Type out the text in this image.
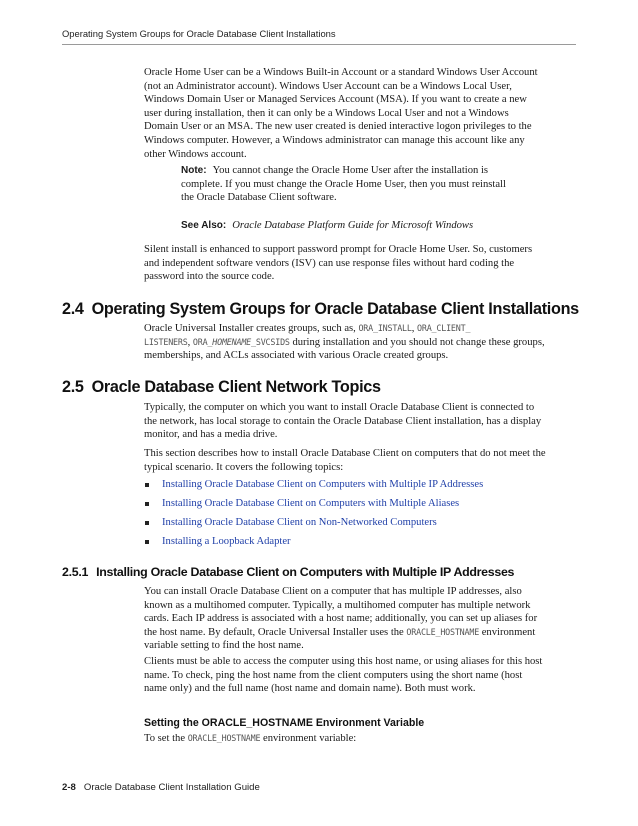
Operating System Groups for Oracle Database Client Installations

Oracle Home User can be a Windows Built-in Account or a standard Windows User Account (not an Administrator account). Windows User Account can be a Windows Local User, Windows Domain User or Managed Services Account (MSA). If you want to create a new user during installation, then it can only be a Windows Local User and not a Windows Domain User or an MSA. The new user created is denied interactive logon privileges to the Windows computer. However, a Windows administrator can manage this account like any other Windows account.

Note: You cannot change the Oracle Home User after the installation is complete. If you must change the Oracle Home User, then you must reinstall the Oracle Database Client software.

See Also: Oracle Database Platform Guide for Microsoft Windows

Silent install is enhanced to support password prompt for Oracle Home User. So, customers and independent software vendors (ISV) can use response files without hard coding the password into the source code.

2.4 Operating System Groups for Oracle Database Client Installations

Oracle Universal Installer creates groups, such as, ORA_INSTALL, ORA_CLIENT_
LISTENERS, ORA_HOMENAME_SVCSIDS during installation and you should not change these groups, memberships, and ACLs associated with various Oracle created groups.

2.5 Oracle Database Client Network Topics

Typically, the computer on which you want to install Oracle Database Client is connected to the network, has local storage to contain the Oracle Database Client installation, has a display monitor, and has a media drive.

This section describes how to install Oracle Database Client on computers that do not meet the typical scenario. It covers the following topics:

Installing Oracle Database Client on Computers with Multiple IP Addresses
Installing Oracle Database Client on Computers with Multiple Aliases
Installing Oracle Database Client on Non-Networked Computers
Installing a Loopback Adapter
2.5.1 Installing Oracle Database Client on Computers with Multiple IP Addresses

You can install Oracle Database Client on a computer that has multiple IP addresses, also known as a multihomed computer. Typically, a multihomed computer has multiple network cards. Each IP address is associated with a host name; additionally, you can set up aliases for the host name. By default, Oracle Universal Installer uses the ORACLE_HOSTNAME environment variable setting to find the host name.

Clients must be able to access the computer using this host name, or using aliases for this host name. To check, ping the host name from the client computers using the short name (host name only) and the full name (host name and domain name). Both must work.

Setting the ORACLE_HOSTNAME Environment Variable

To set the ORACLE_HOSTNAME environment variable:

2-8 Oracle Database Client Installation Guide
